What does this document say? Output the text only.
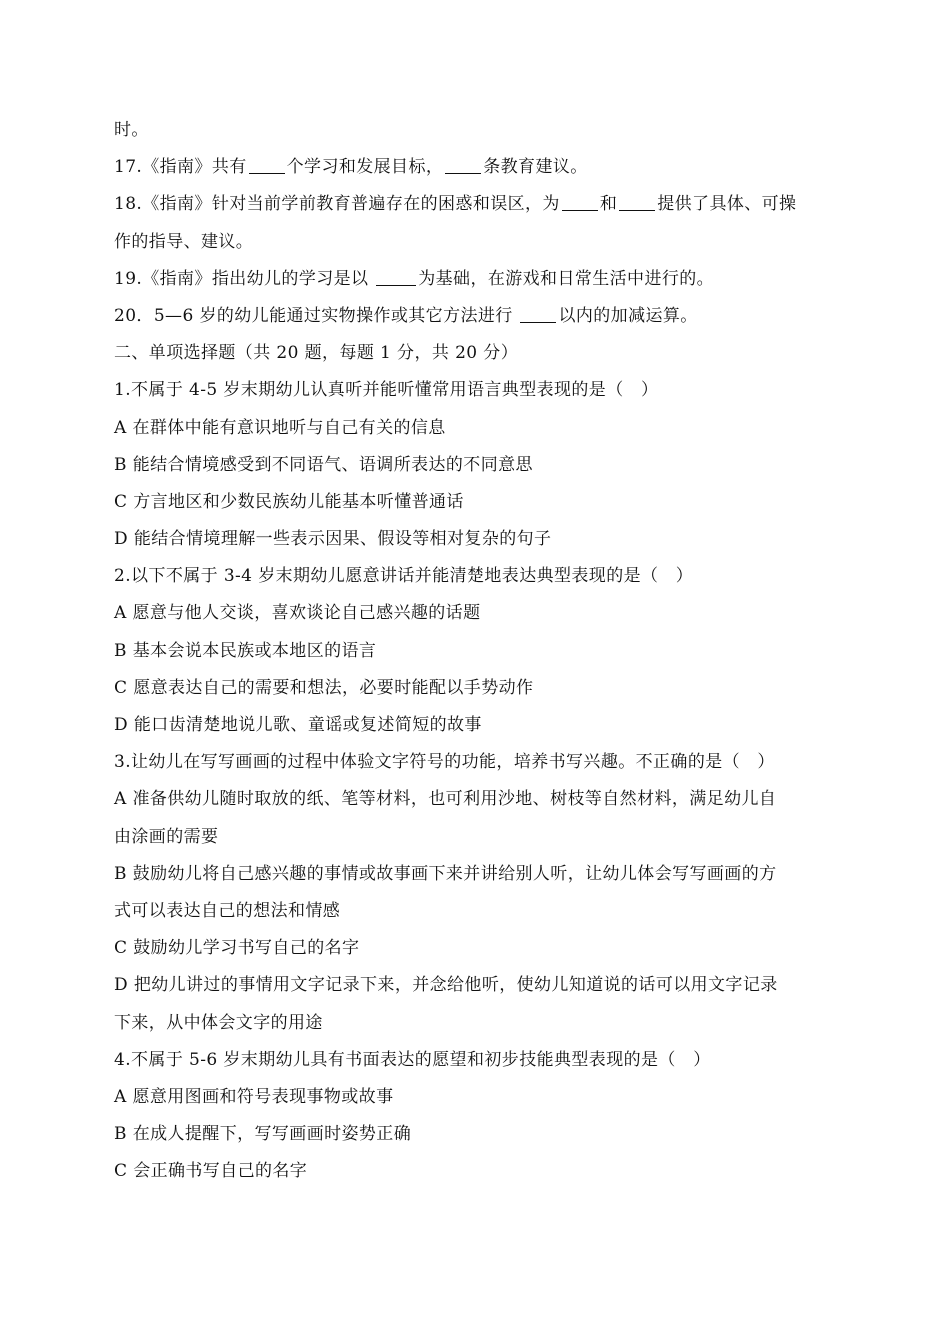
时。
17.《指南》共有 个学习和发展目标， 条教育建议。
18.《指南》针对当前学前教育普遍存在的困惑和误区，为 和 提供了具体、可操
作的指导、建议。
19.《指南》指出幼儿的学习是以	为基础，在游戏和日常生活中进行的。
20．5—6 岁的幼儿能通过实物操作或其它方法进行 以内的加减运算。
二、单项选择题（共 20 题，每题 1 分，共 20 分）
1.不属于 4-5 岁末期幼儿认真听并能听懂常用语言典型表现的是（　）
A 在群体中能有意识地听与自己有关的信息
B 能结合情境感受到不同语气、语调所表达的不同意思
C 方言地区和少数民族幼儿能基本听懂普通话
D 能结合情境理解一些表示因果、假设等相对复杂的句子
2.以下不属于 3-4 岁末期幼儿愿意讲话并能清楚地表达典型表现的是（　）
A 愿意与他人交谈，喜欢谈论自己感兴趣的话题
B 基本会说本民族或本地区的语言
C 愿意表达自己的需要和想法，必要时能配以手势动作
D 能口齿清楚地说儿歌、童谣或复述简短的故事
3.让幼儿在写写画画的过程中体验文字符号的功能，培养书写兴趣。不正确的是（　）
A 准备供幼儿随时取放的纸、笔等材料，也可利用沙地、树枝等自然材料，满足幼儿自
由涂画的需要
B 鼓励幼儿将自己感兴趣的事情或故事画下来并讲给别人听，让幼儿体会写写画画的方
式可以表达自己的想法和情感
C 鼓励幼儿学习书写自己的名字
D 把幼儿讲过的事情用文字记录下来，并念给他听，使幼儿知道说的话可以用文字记录
下来，从中体会文字的用途
4.不属于 5-6 岁末期幼儿具有书面表达的愿望和初步技能典型表现的是（　）
A 愿意用图画和符号表现事物或故事
B 在成人提醒下，写写画画时姿势正确
C 会正确书写自己的名字
